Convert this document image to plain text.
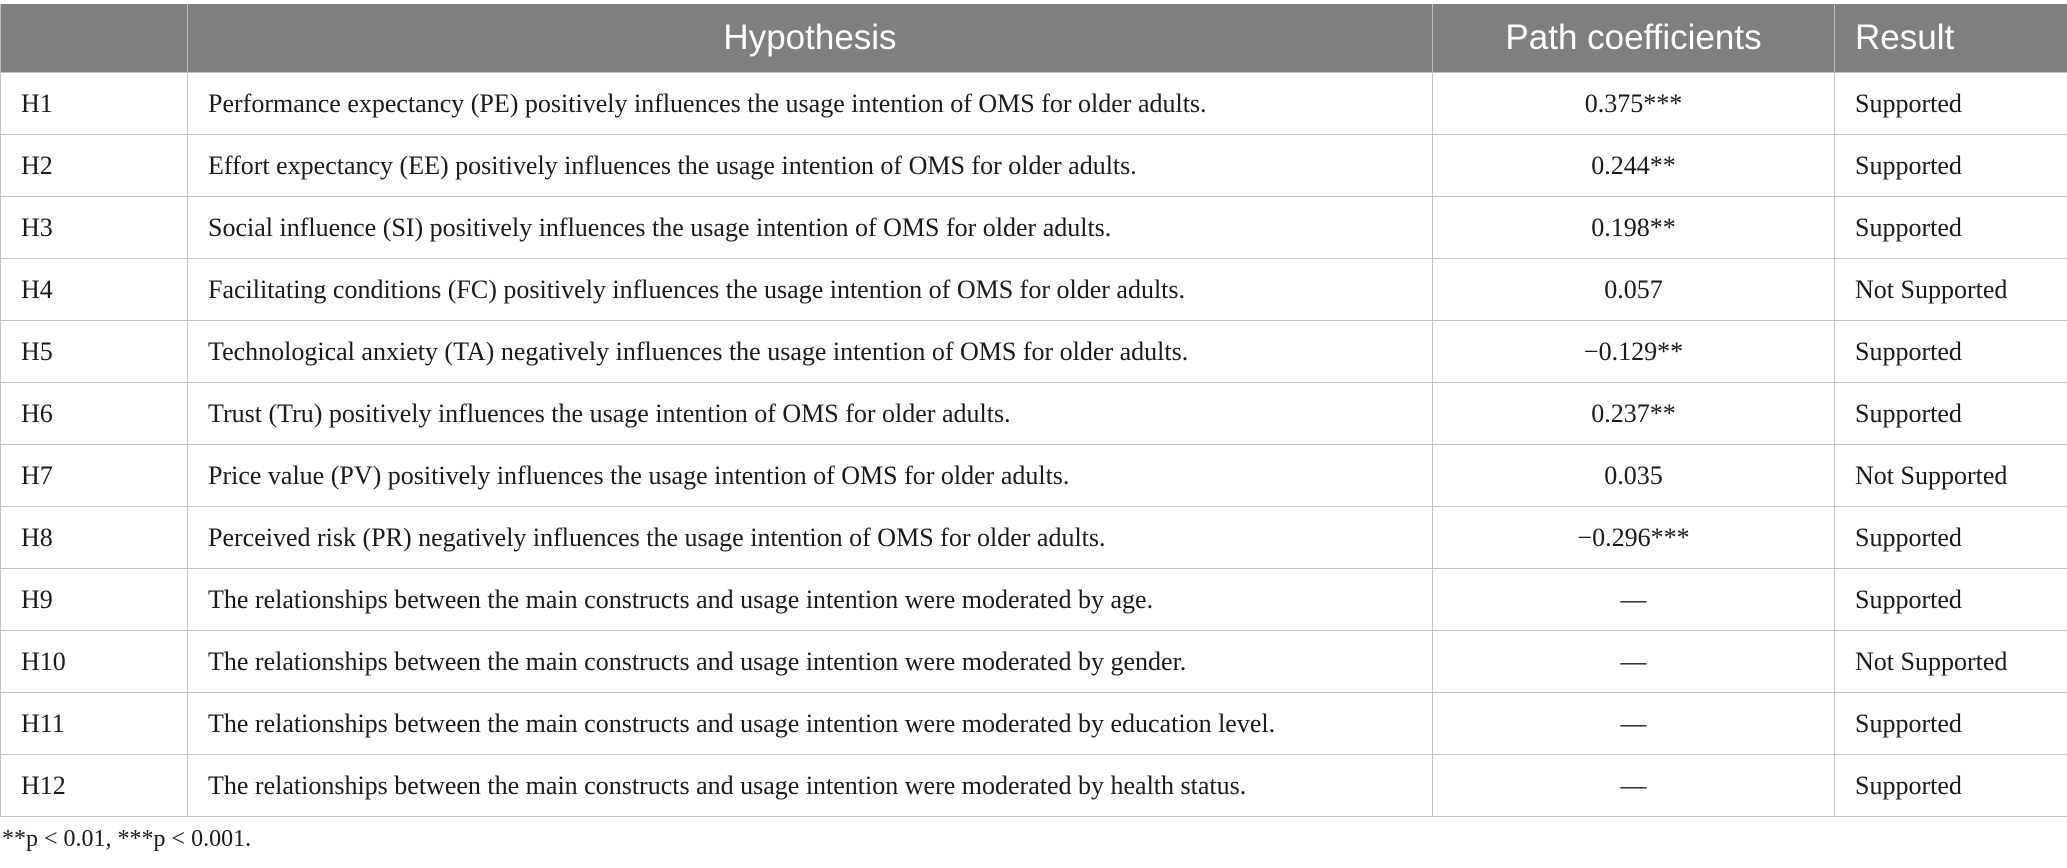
	Hypothesis	Path coefficients	Result
H1	Performance expectancy (PE) positively influences the usage intention of OMS for older adults.	0.375***	Supported
H2	Effort expectancy (EE) positively influences the usage intention of OMS for older adults.	0.244**	Supported
H3	Social influence (SI) positively influences the usage intention of OMS for older adults.	0.198**	Supported
H4	Facilitating conditions (FC) positively influences the usage intention of OMS for older adults.	0.057	Not Supported
H5	Technological anxiety (TA) negatively influences the usage intention of OMS for older adults.	−0.129**	Supported
H6	Trust (Tru) positively influences the usage intention of OMS for older adults.	0.237**	Supported
H7	Price value (PV) positively influences the usage intention of OMS for older adults.	0.035	Not Supported
H8	Perceived risk (PR) negatively influences the usage intention of OMS for older adults.	−0.296***	Supported
H9	The relationships between the main constructs and usage intention were moderated by age.	—	Supported
H10	The relationships between the main constructs and usage intention were moderated by gender.	—	Not Supported
H11	The relationships between the main constructs and usage intention were moderated by education level.	—	Supported
H12	The relationships between the main constructs and usage intention were moderated by health status.	—	Supported
**p < 0.01, ***p < 0.001.
